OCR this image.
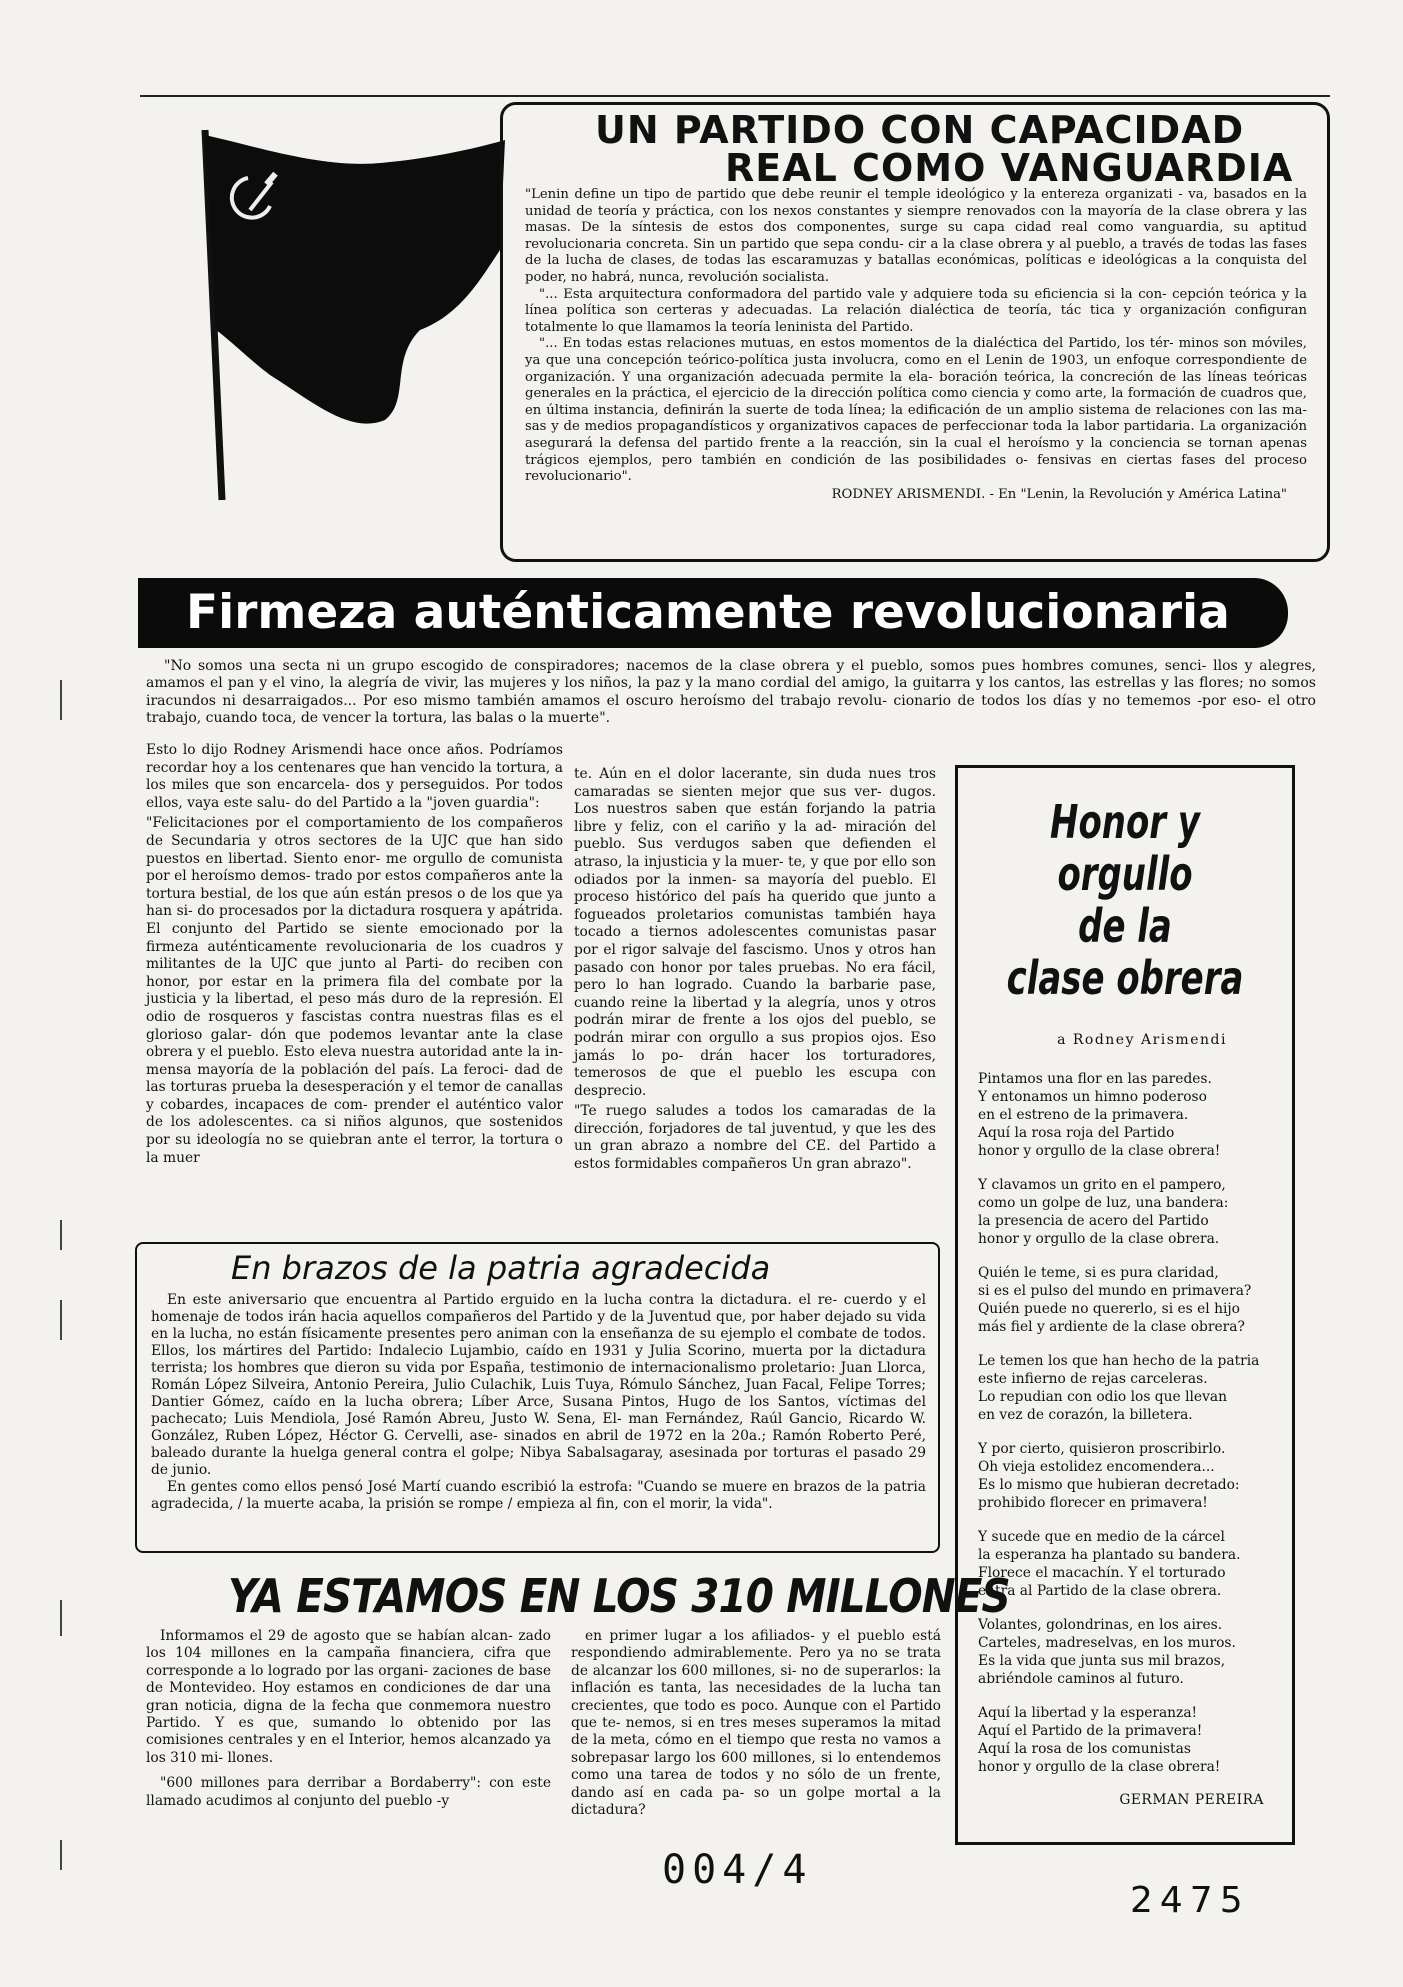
UN PARTIDO CON CAPACIDAD
REAL COMO VANGUARDIA

"Lenin define un tipo de partido que debe reunir el temple ideológico y la entereza organizati - va, basados en la unidad de teoría y práctica, con los nexos constantes y siempre renovados con la mayoría de la clase obrera y las masas. De la síntesis de estos dos componentes, surge su capa cidad real como vanguardia, su aptitud revolucionaria concreta. Sin un partido que sepa condu- cir a la clase obrera y al pueblo, a través de todas las fases de la lucha de clases, de todas las escaramuzas y batallas económicas, políticas e ideológicas a la conquista del poder, no habrá, nunca, revolución socialista.

"... Esta arquitectura conformadora del partido vale y adquiere toda su eficiencia si la con- cepción teórica y la línea política son certeras y adecuadas. La relación dialéctica de teoría, tác tica y organización configuran totalmente lo que llamamos la teoría leninista del Partido.

"... En todas estas relaciones mutuas, en estos momentos de la dialéctica del Partido, los tér- minos son móviles, ya que una concepción teórico-política justa involucra, como en el Lenin de 1903, un enfoque correspondiente de organización. Y una organización adecuada permite la ela- boración teórica, la concreción de las líneas teóricas generales en la práctica, el ejercicio de la dirección política como ciencia y como arte, la formación de cuadros que, en última instancia, definirán la suerte de toda línea; la edificación de un amplio sistema de relaciones con las ma- sas y de medios propagandísticos y organizativos capaces de perfeccionar toda la labor partidaria. La organización asegurará la defensa del partido frente a la reacción, sin la cual el heroísmo y la conciencia se tornan apenas trágicos ejemplos, pero también en condición de las posibilidades o- fensivas en ciertas fases del proceso revolucionario".

RODNEY ARISMENDI. - En "Lenin, la Revolución y América Latina"
Firmeza auténticamente revolucionaria
"No somos una secta ni un grupo escogido de conspiradores; nacemos de la clase obrera y el pueblo, somos pues hombres comunes, senci- llos y alegres, amamos el pan y el vino, la alegría de vivir, las mujeres y los niños, la paz y la mano cordial del amigo, la guitarra y los cantos, las estrellas y las flores; no somos iracundos ni desarraigados... Por eso mismo también amamos el oscuro heroísmo del trabajo revolu- cionario de todos los días y no tememos -por eso- el otro trabajo, cuando toca, de vencer la tortura, las balas o la muerte".

Esto lo dijo Rodney Arismendi hace once años. Podríamos recordar hoy a los centenares que han vencido la tortura, a los miles que son encarcela- dos y perseguidos. Por todos ellos, vaya este salu- do del Partido a la "joven guardia":

"Felicitaciones por el comportamiento de los compañeros de Secundaria y otros sectores de la UJC que han sido puestos en libertad. Siento enor- me orgullo de comunista por el heroísmo demos- trado por estos compañeros ante la tortura bestial, de los que aún están presos o de los que ya han si- do procesados por la dictadura rosquera y apátrida. El conjunto del Partido se siente emocionado por la firmeza auténticamente revolucionaria de los cuadros y militantes de la UJC que junto al Parti- do reciben con honor, por estar en la primera fila del combate por la justicia y la libertad, el peso más duro de la represión. El odio de rosqueros y fascistas contra nuestras filas es el glorioso galar- dón que podemos levantar ante la clase obrera y el pueblo. Esto eleva nuestra autoridad ante la in- mensa mayoría de la población del país. La feroci- dad de las torturas prueba la desesperación y el temor de canallas y cobardes, incapaces de com- prender el auténtico valor de los adolescentes. ca si niños algunos, que sostenidos por su ideología no se quiebran ante el terror, la tortura o la muer

te. Aún en el dolor lacerante, sin duda nues tros camaradas se sienten mejor que sus ver- dugos. Los nuestros saben que están forjando la patria libre y feliz, con el cariño y la ad- miración del pueblo. Sus verdugos saben que defienden el atraso, la injusticia y la muer- te, y que por ello son odiados por la inmen- sa mayoría del pueblo. El proceso histórico del país ha querido que junto a fogueados proletarios comunistas también haya tocado a tiernos adolescentes comunistas pasar por el rigor salvaje del fascismo. Unos y otros han pasado con honor por tales pruebas. No era fácil, pero lo han logrado. Cuando la barbarie pase, cuando reine la libertad y la alegría, unos y otros podrán mirar de frente a los ojos del pueblo, se podrán mirar con orgullo a sus propios ojos. Eso jamás lo po- drán hacer los torturadores, temerosos de que el pueblo les escupa con desprecio.

"Te ruego saludes a todos los camaradas de la dirección, forjadores de tal juventud, y que les des un gran abrazo a nombre del CE. del Partido a estos formidables compañeros Un gran abrazo".

Honor y orgullo
de la
clase obrera
a Rodney Arismendi
Pintamos una flor en las paredes.
Y entonamos un himno poderoso
en el estreno de la primavera.
Aquí la rosa roja del Partido
honor y orgullo de la clase obrera!
Y clavamos un grito en el pampero,
como un golpe de luz, una bandera:
la presencia de acero del Partido
honor y orgullo de la clase obrera.
Quién le teme, si es pura claridad,
si es el pulso del mundo en primavera?
Quién puede no quererlo, si es el hijo
más fiel y ardiente de la clase obrera?
Le temen los que han hecho de la patria
este infierno de rejas carceleras.
Lo repudian con odio los que llevan
en vez de corazón, la billetera.
Y por cierto, quisieron proscribirlo.
Oh vieja estolidez encomendera...
Es lo mismo que hubieran decretado:
prohibido florecer en primavera!
Y sucede que en medio de la cárcel
la esperanza ha plantado su bandera.
Florece el macachín. Y el torturado
entra al Partido de la clase obrera.
Volantes, golondrinas, en los aires.
Carteles, madreselvas, en los muros.
Es la vida que junta sus mil brazos,
abriéndole caminos al futuro.
Aquí la libertad y la esperanza!
Aquí el Partido de la primavera!
Aquí la rosa de los comunistas
honor y orgullo de la clase obrera!
GERMAN PEREIRA
En brazos de la patria agradecida

En este aniversario que encuentra al Partido erguido en la lucha contra la dictadura. el re- cuerdo y el homenaje de todos irán hacia aquellos compañeros del Partido y de la Juventud que, por haber dejado su vida en la lucha, no están físicamente presentes pero animan con la enseñanza de su ejemplo el combate de todos. Ellos, los mártires del Partido: Indalecio Lujambio, caído en 1931 y Julia Scorino, muerta por la dictadura terrista; los hombres que dieron su vida por España, testimonio de internacionalismo proletario: Juan Llorca, Román López Silveira, Antonio Pereira, Julio Culachik, Luis Tuya, Rómulo Sánchez, Juan Facal, Felipe Torres; Dantier Gómez, caído en la lucha obrera; Líber Arce, Susana Pintos, Hugo de los Santos, víctimas del pachecato; Luis Mendiola, José Ramón Abreu, Justo W. Sena, El- man Fernández, Raúl Gancio, Ricardo W. González, Ruben López, Héctor G. Cervelli, ase- sinados en abril de 1972 en la 20a.; Ramón Roberto Peré, baleado durante la huelga general contra el golpe; Nibya Sabalsagaray, asesinada por torturas el pasado 29 de junio.

En gentes como ellos pensó José Martí cuando escribió la estrofa: "Cuando se muere en brazos de la patria agradecida, / la muerte acaba, la prisión se rompe / empieza al fin, con el morir, la vida".

YA ESTAMOS EN LOS 310 MILLONES

Informamos el 29 de agosto que se habían alcan- zado los 104 millones en la campaña financiera, cifra que corresponde a lo logrado por las organi- zaciones de base de Montevideo. Hoy estamos en condiciones de dar una gran noticia, digna de la fecha que conmemora nuestro Partido. Y es que, sumando lo obtenido por las comisiones centrales y en el Interior, hemos alcanzado ya los 310 mi- llones.

"600 millones para derribar a Bordaberry": con este llamado acudimos al conjunto del pueblo -y

en primer lugar a los afiliados- y el pueblo está respondiendo admirablemente. Pero ya no se trata de alcanzar los 600 millones, si- no de superarlos: la inflación es tanta, las necesidades de la lucha tan crecientes, que todo es poco. Aunque con el Partido que te- nemos, si en tres meses superamos la mitad de la meta, cómo en el tiempo que resta no vamos a sobrepasar largo los 600 millones, si lo entendemos como una tarea de todos y no sólo de un frente, dando así en cada pa- so un golpe mortal a la dictadura?

004/4
2475
